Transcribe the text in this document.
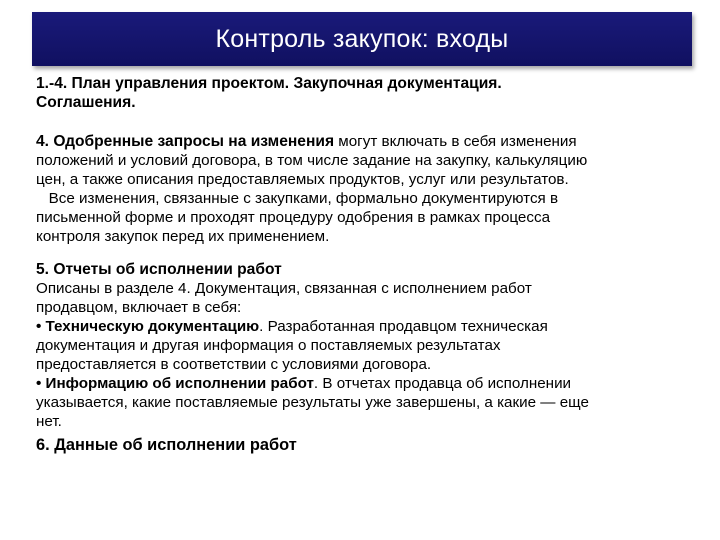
Контроль закупок: входы

1.-4. План управления проектом. Закупочная документация.

Соглашения.

4. Одобренные запросы на изменения могут включать в себя изменения

положений и условий договора, в том числе задание на закупку, калькуляцию

цен, а также описания предоставляемых продуктов, услуг или результатов.

Все изменения, связанные с закупками, формально документируются в

письменной форме и проходят процедуру одобрения в рамках процесса

контроля закупок перед их применением.

5. Отчеты об исполнении работ

Описаны в разделе 4. Документация, связанная с исполнением работ

продавцом, включает в себя:

• Техническую документацию. Разработанная продавцом техническая

документация и другая информация о поставляемых результатах

предоставляется в соответствии с условиями договора.

• Информацию об исполнении работ. В отчетах продавца об исполнении

указывается, какие поставляемые результаты уже завершены, а какие — еще

нет.

6. Данные об исполнении работ
